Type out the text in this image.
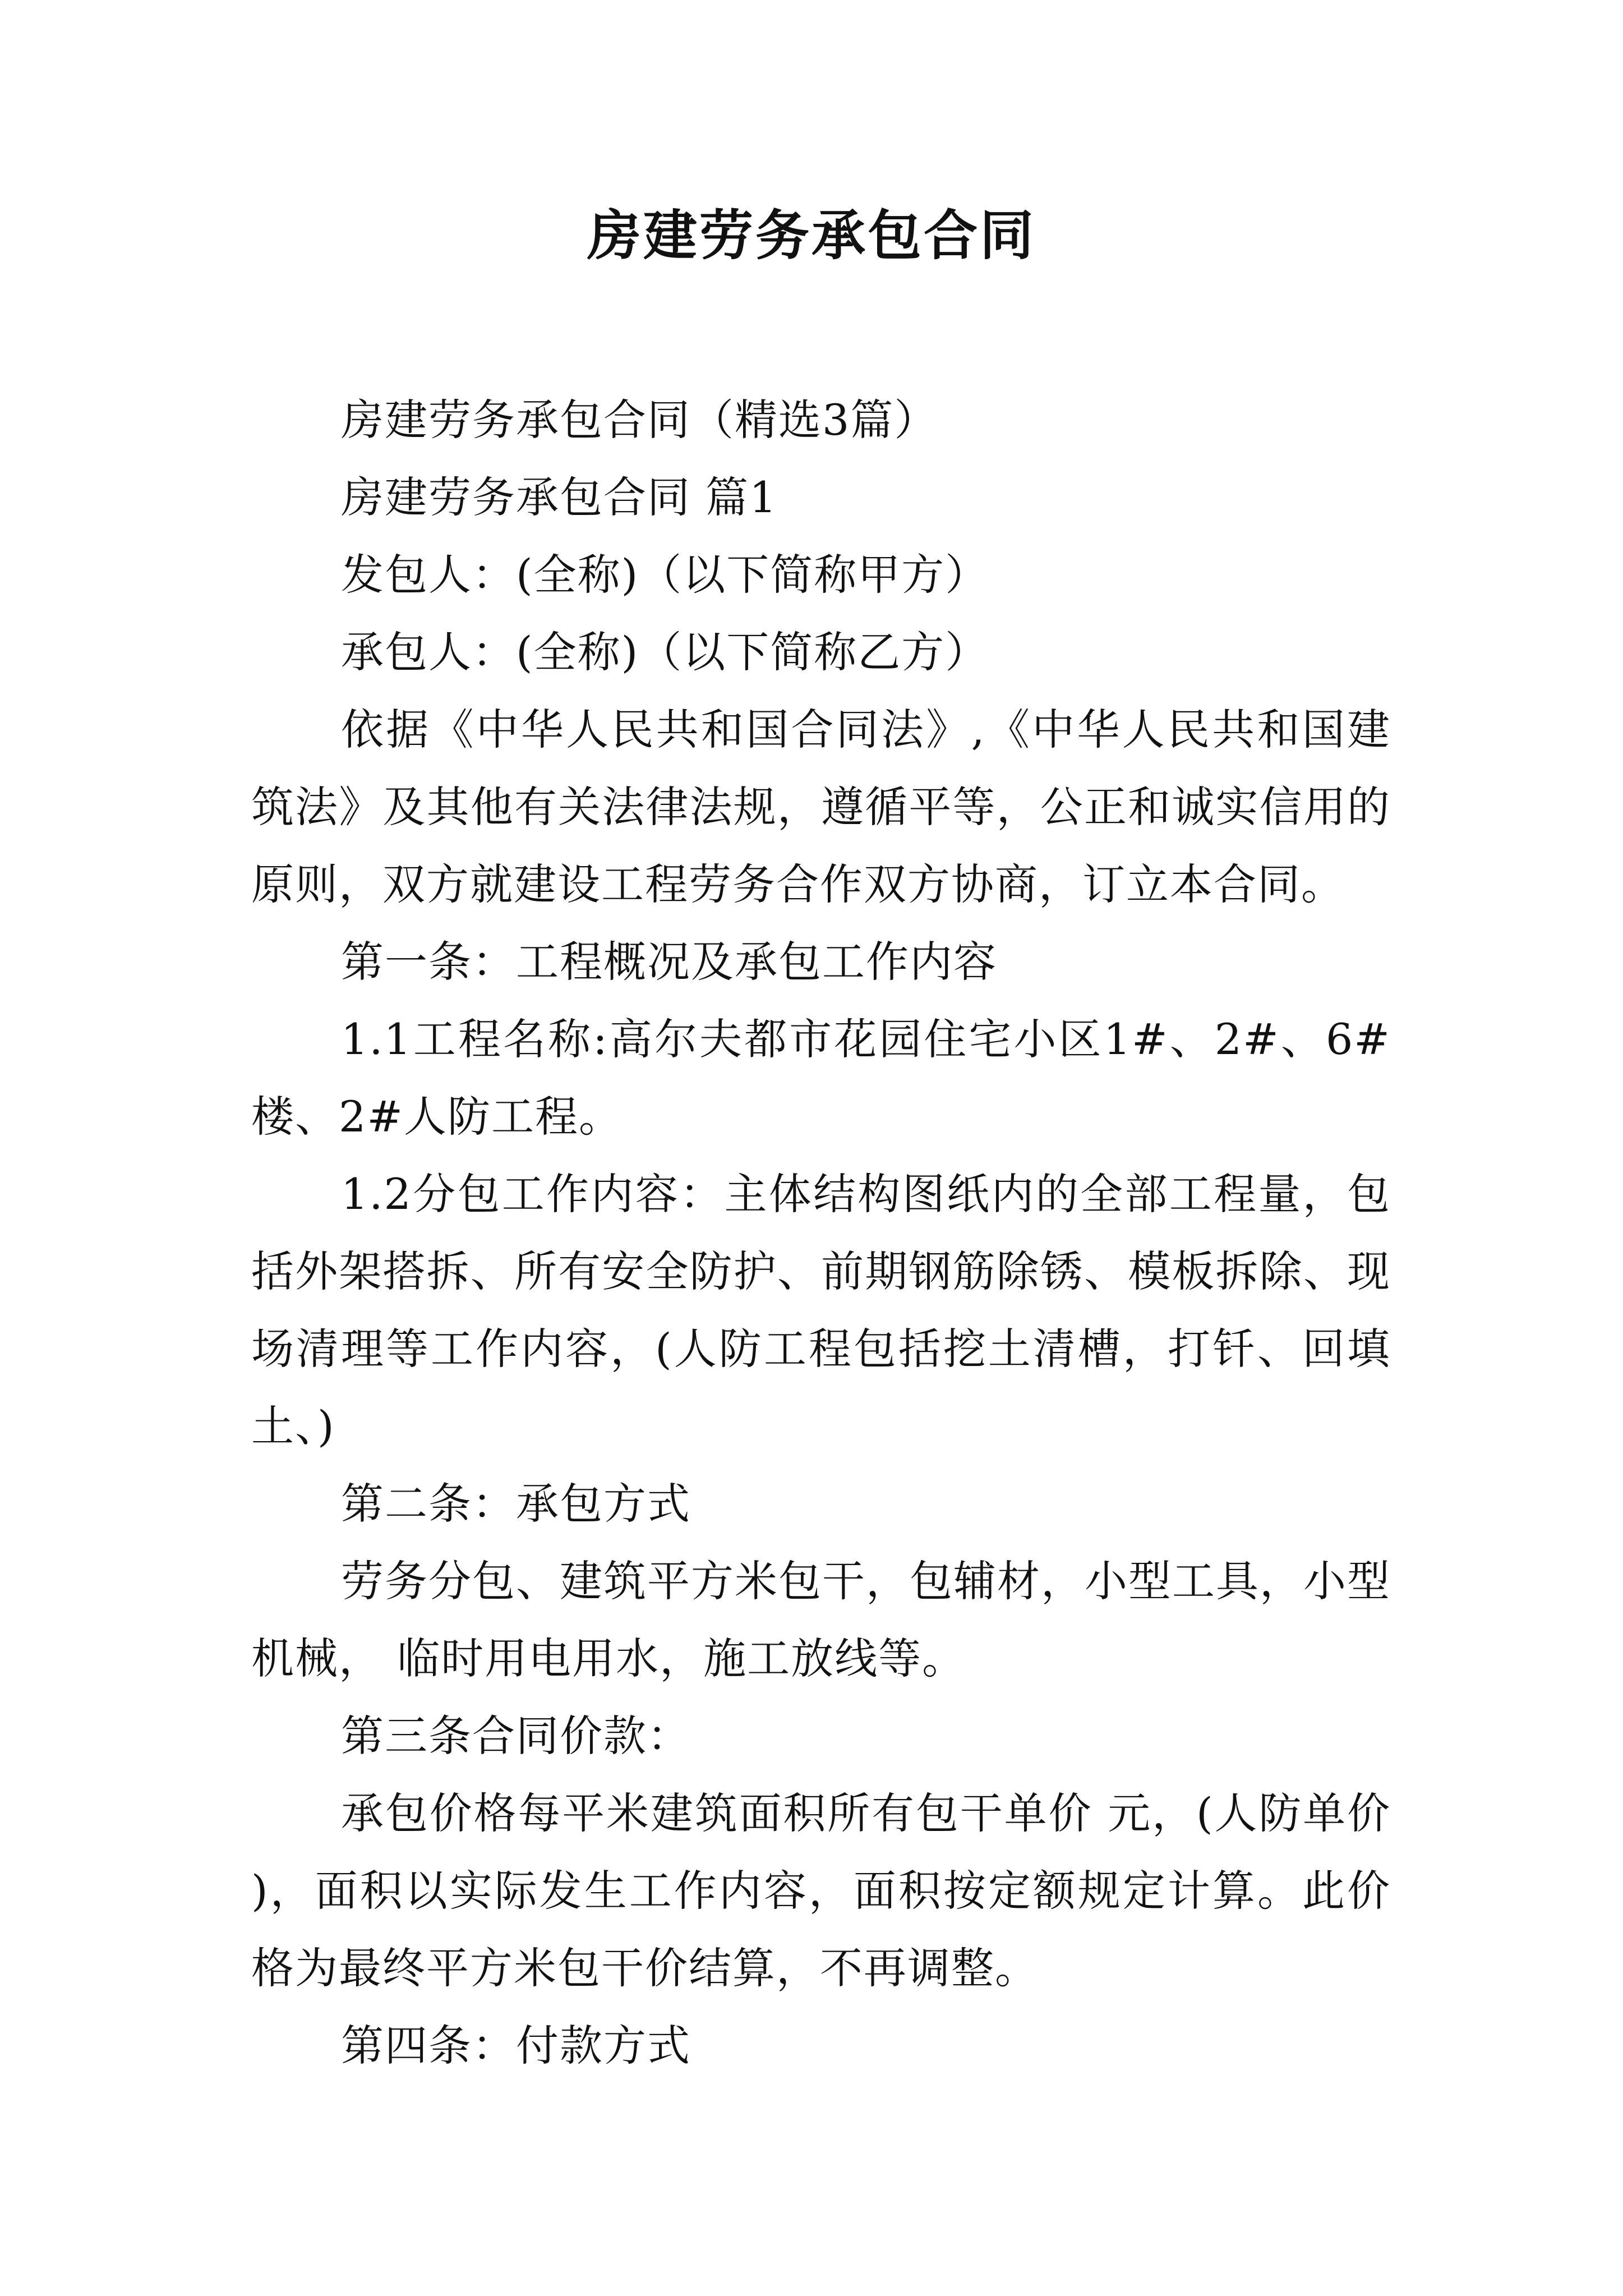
房建劳务承包合同

房建劳务承包合同（精选3篇）

房建劳务承包合同 篇1

发包人：(全称)（以下简称甲方）

承包人：(全称)（以下简称乙方）

依据《中华人民共和国合同法》,《中华人民共和国建筑法》及其他有关法律法规，遵循平等，公正和诚实信用的原则，双方就建设工程劳务合作双方协商，订立本合同。

第一条：工程概况及承包工作内容

1.1工程名称:高尔夫都市花园住宅小区1#、2#、6#楼、2#人防工程。

1.2分包工作内容：主体结构图纸内的全部工程量，包括外架搭拆、所有安全防护、前期钢筋除锈、模板拆除、现场清理等工作内容，(人防工程包括挖土清槽，打钎、回填土、)

第二条：承包方式

劳务分包、建筑平方米包干，包辅材，小型工具，小型机械， 临时用电用水，施工放线等。

第三条合同价款：

承包价格每平米建筑面积所有包干单价 元，(人防单价 )，面积以实际发生工作内容，面积按定额规定计算。此价格为最终平方米包干价结算，不再调整。

第四条：付款方式
